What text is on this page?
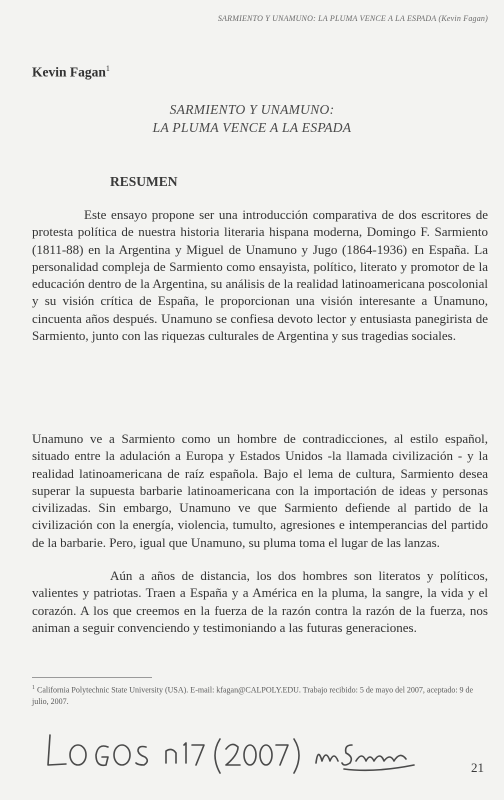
SARMIENTO Y UNAMUNO: LA PLUMA VENCE A LA ESPADA (Kevin Fagan)
Kevin Fagan$^1$
SARMIENTO Y UNAMUNO:
LA PLUMA VENCE A LA ESPADA
RESUMEN

Este ensayo propone ser una introducción comparativa de dos escritores de protesta política de nuestra historia literaria hispana moderna, Domingo F. Sarmiento (1811-88) en la Argentina y Miguel de Unamuno y Jugo (1864-1936) en España. La personalidad compleja de Sarmiento como ensayista, político, literato y promotor de la educación dentro de la Argentina, su análisis de la realidad latinoamericana poscolonial y su visión crítica de España, le proporcionan una visión interesante a Unamuno, cincuenta años después. Unamuno se confiesa devoto lector y entusiasta panegirista de Sarmiento, junto con las riquezas culturales de Argentina y sus tragedias sociales.

Unamuno ve a Sarmiento como un hombre de contradicciones, al estilo español, situado entre la adulación a Europa y Estados Unidos -la llamada civilización - y la realidad latinoamericana de raíz española. Bajo el lema de cultura, Sarmiento desea superar la supuesta barbarie latinoamericana con la importación de ideas y personas civilizadas. Sin embargo, Unamuno ve que Sarmiento defiende al partido de la civilización con la energía, violencia, tumulto, agresiones e intemperancias del partido de la barbarie. Pero, igual que Unamuno, su pluma toma el lugar de las lanzas.

Aún a años de distancia, los dos hombres son literatos y políticos, valientes y patriotas. Traen a España y a América en la pluma, la sangre, la vida y el corazón. A los que creemos en la fuerza de la razón contra la razón de la fuerza, nos animan a seguir convenciendo y testimoniando a las futuras generaciones.

$^1$ California Polytechnic State University (USA). E-mail: kfagan@CALPOLY.EDU. Trabajo recibido: 5 de mayo del 2007, aceptado: 9 de julio, 2007.

LOGOS n.º 17 (2007) - Lecturas
21
